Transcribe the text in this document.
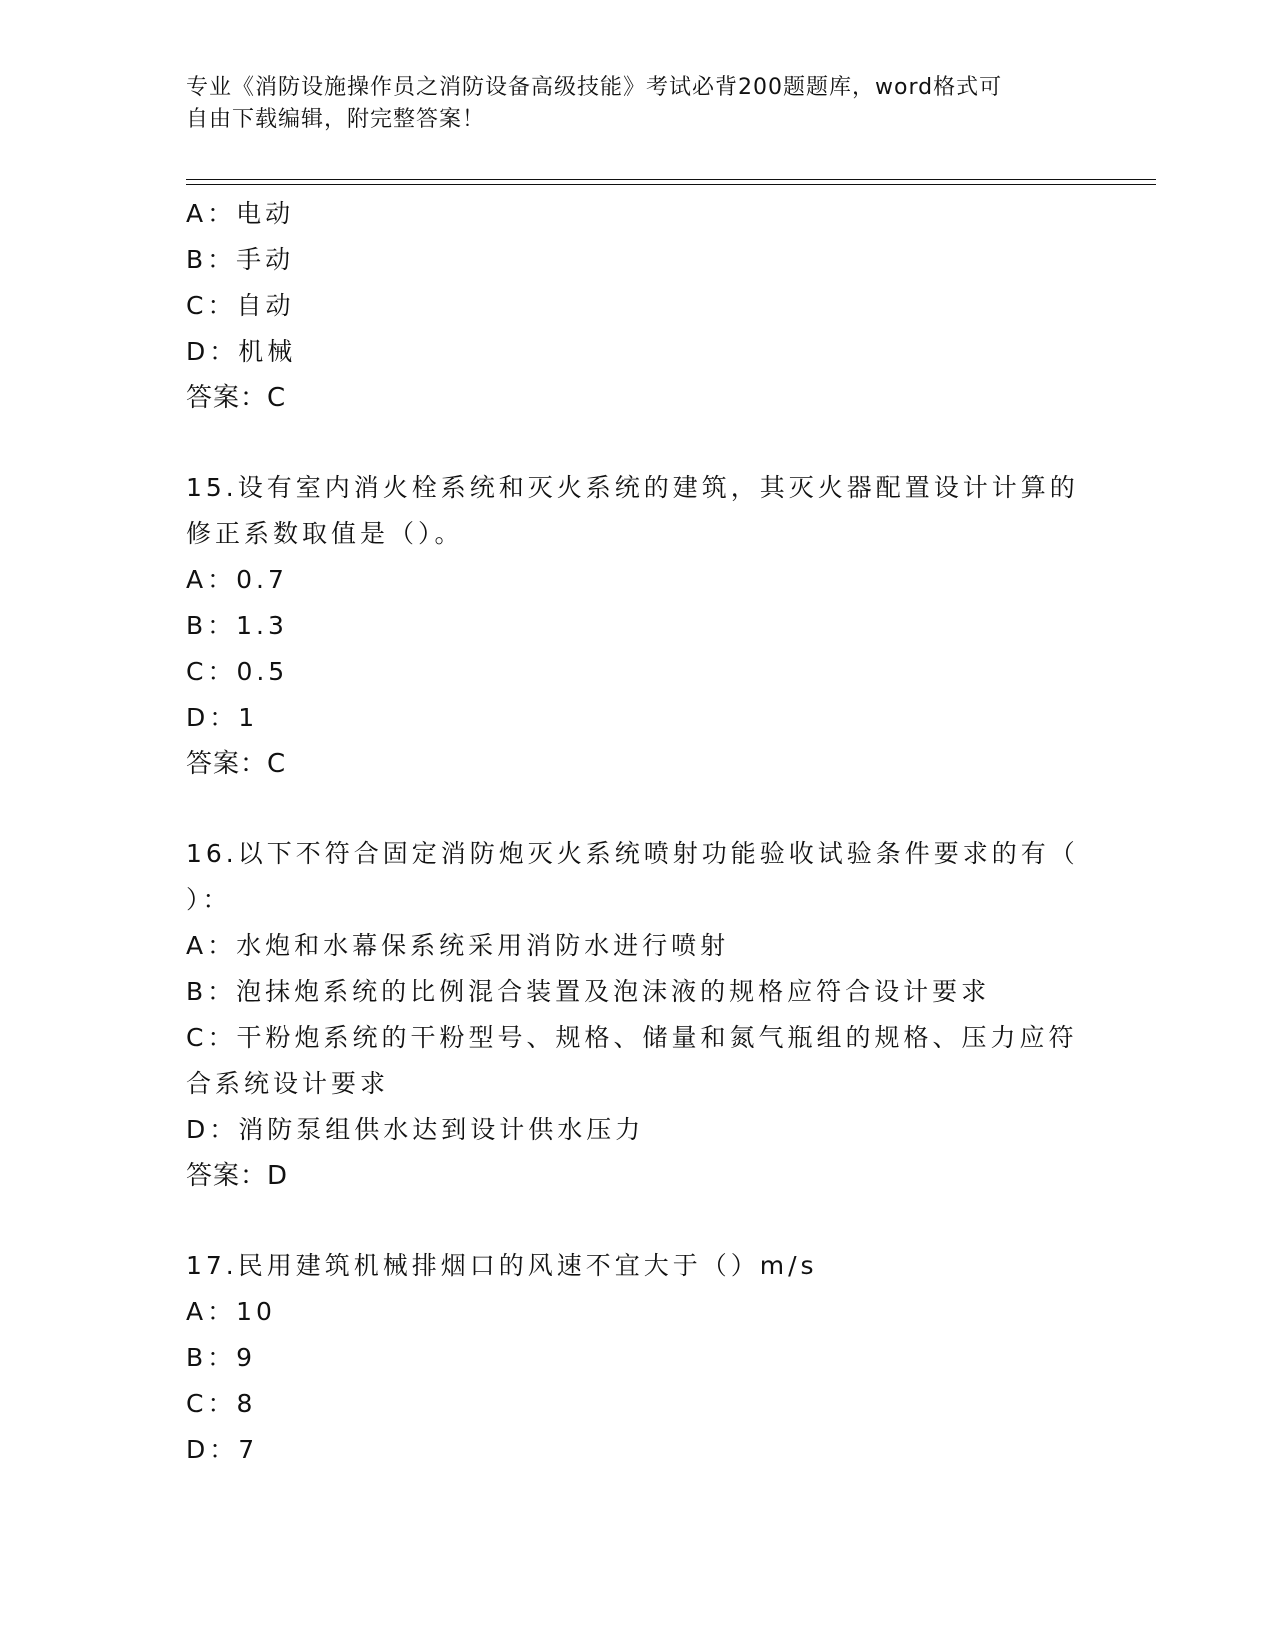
专业《消防设施操作员之消防设备高级技能》考试必背200题题库，word格式可
自由下载编辑，附完整答案！
A：电动
B：手动
C：自动
D：机械
答案：C
15.设有室内消火栓系统和灭火系统的建筑，其灭火器配置设计计算的
修正系数取值是（）。
A：0.7
B：1.3
C：0.5
D：1
答案：C
16.以下不符合固定消防炮灭火系统喷射功能验收试验条件要求的有（
）：
A：水炮和水幕保系统采用消防水进行喷射
B：泡抹炮系统的比例混合装置及泡沫液的规格应符合设计要求
C：干粉炮系统的干粉型号、规格、储量和氮气瓶组的规格、压力应符
合系统设计要求
D：消防泵组供水达到设计供水压力
答案：D
17.民用建筑机械排烟口的风速不宜大于（）m/s
A：10
B：9
C：8
D：7
